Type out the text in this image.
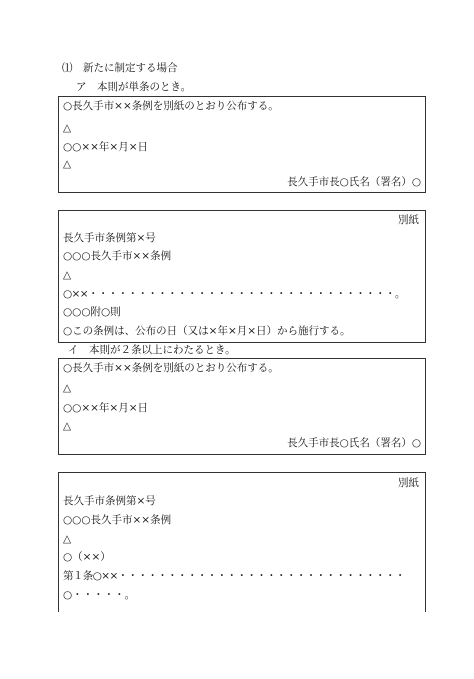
⑴　新たに制定する場合
ア　本則が単条のとき。
○長久手市××条例を別紙のとおり公布する。
△
○○××年×月×日
△
長久手市長○氏名（署名）○
別紙
長久手市条例第×号
○○○長久手市××条例
△
○××・・・・・・・・・・・・・・・・・・・・・・・・・・・・・・・。
○○○附○則
○この条例は、公布の日（又は×年×月×日）から施行する。
イ　本則が２条以上にわたるとき。
○長久手市××条例を別紙のとおり公布する。
△
○○××年×月×日
△
長久手市長○氏名（署名）○
別紙
長久手市条例第×号
○○○長久手市××条例
△
○（××）
第１条○××・・・・・・・・・・・・・・・・・・・・・・・・・・・・・
○・・・・・。
